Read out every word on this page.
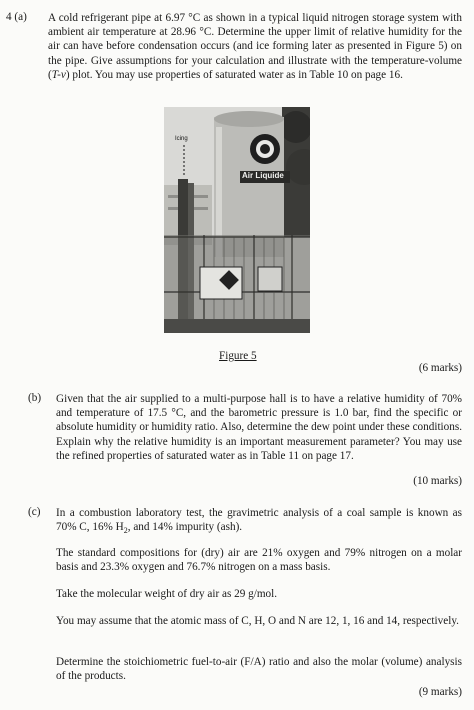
4 (a) A cold refrigerant pipe at 6.97 °C as shown in a typical liquid nitrogen storage system with ambient air temperature at 28.96 °C. Determine the upper limit of relative humidity for the air can have before condensation occurs (and ice forming later as presented in Figure 5) on the pipe. Give assumptions for your calculation and illustrate with the temperature-volume (T-v) plot. You may use properties of saturated water as in Table 10 on page 16.
Icing
Air Liquide
Figure 5
(6 marks)
(b) Given that the air supplied to a multi-purpose hall is to have a relative humidity of 70% and temperature of 17.5 °C, and the barometric pressure is 1.0 bar, find the specific or absolute humidity or humidity ratio. Also, determine the dew point under these conditions. Explain why the relative humidity is an important measurement parameter? You may use the refined properties of saturated water as in Table 11 on page 17.
(10 marks)
(c) In a combustion laboratory test, the gravimetric analysis of a coal sample is known as 70% C, 16% $H_2$, and 14% impurity (ash).
The standard compositions for (dry) air are 21% oxygen and 79% nitrogen on a molar basis and 23.3% oxygen and 76.7% nitrogen on a mass basis.
Take the molecular weight of dry air as 29 g/mol.
You may assume that the atomic mass of C, H, O and N are 12, 1, 16 and 14, respectively.
Determine the stoichiometric fuel-to-air (F/A) ratio and also the molar (volume) analysis of the products.
(9 marks)
